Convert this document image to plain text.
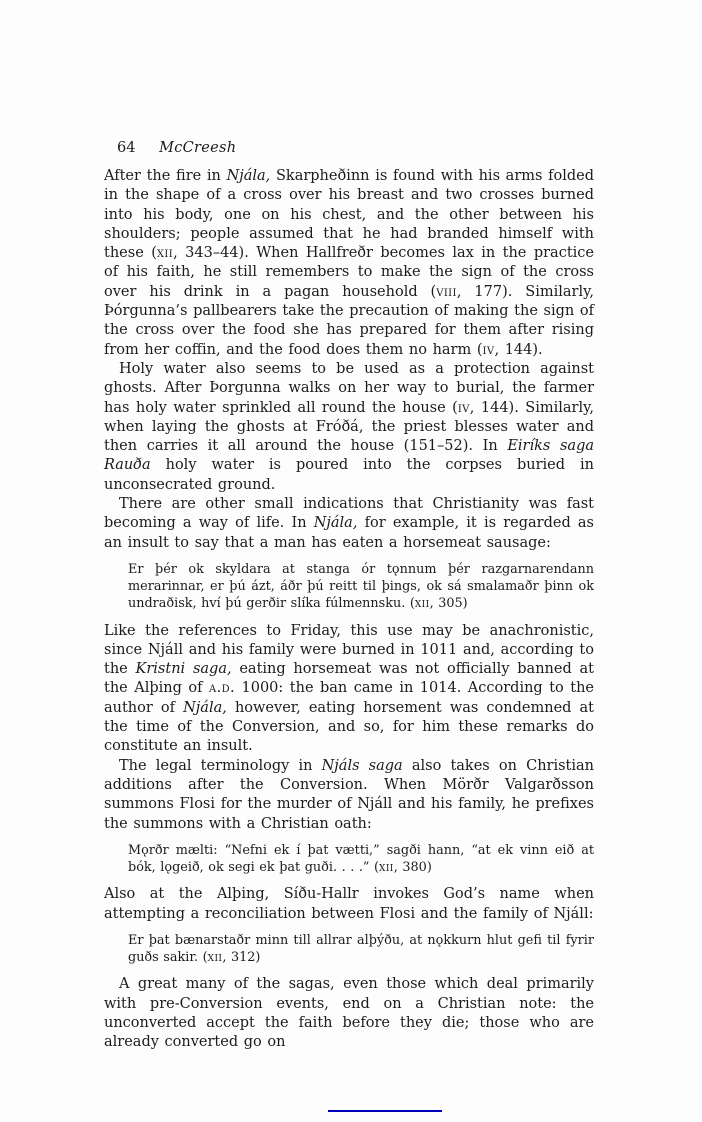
64 McCreesh

After the fire in Njála, Skarpheðinn is found with his arms folded in the shape of a cross over his breast and two crosses burned into his body, one on his chest, and the other between his shoulders; people assumed that he had branded himself with these (xii, 343–44). When Hallfreðr becomes lax in the practice of his faith, he still remembers to make the sign of the cross over his drink in a pagan household (viii, 177). Similarly, Þórgunna’s pallbearers take the precaution of making the sign of the cross over the food she has prepared for them after rising from her coffin, and the food does them no harm (iv, 144).

Holy water also seems to be used as a protection against ghosts. After Þorgunna walks on her way to burial, the farmer has holy water sprinkled all round the house (iv, 144). Similarly, when laying the ghosts at Fróðá, the priest blesses water and then carries it all around the house (151–52). In Eiríks saga Rauða holy water is poured into the corpses buried in unconsecrated ground.

There are other small indications that Christianity was fast becoming a way of life. In Njála, for example, it is regarded as an insult to say that a man has eaten a horsemeat sausage:

Er þér ok skyldara at stanga ór tǫnnum þér razgarnarendann merarinnar, er þú ázt, áðr þú reitt til þings, ok sá smalamaðr þinn ok undraðisk, hví þú gerðir slíka fúlmennsku. (xii, 305)

Like the references to Friday, this use may be anachronistic, since Njáll and his family were burned in 1011 and, according to the Kristni saga, eating horsemeat was not officially banned at the Alþing of a.d. 1000: the ban came in 1014. According to the author of Njála, however, eating horsement was condemned at the time of the Conversion, and so, for him these remarks do constitute an insult.

The legal terminology in Njáls saga also takes on Christian additions after the Conversion. When Mörðr Valgarðsson summons Flosi for the murder of Njáll and his family, he prefixes the summons with a Christian oath:

Mǫrðr mælti: “Nefni ek í þat vætti,” sagði hann, “at ek vinn eið at bók, lǫgeið, ok segi ek þat guði. . . .” (xii, 380)

Also at the Alþing, Síðu-Hallr invokes God’s name when attempting a reconciliation between Flosi and the family of Njáll:

Er þat bænarstaðr minn till allrar alþýðu, at nǫkkurn hlut gefi til fyrir guðs sakir. (xii, 312)

A great many of the sagas, even those which deal primarily with pre-Conversion events, end on a Christian note: the unconverted accept the faith before they die; those who are already converted go on
